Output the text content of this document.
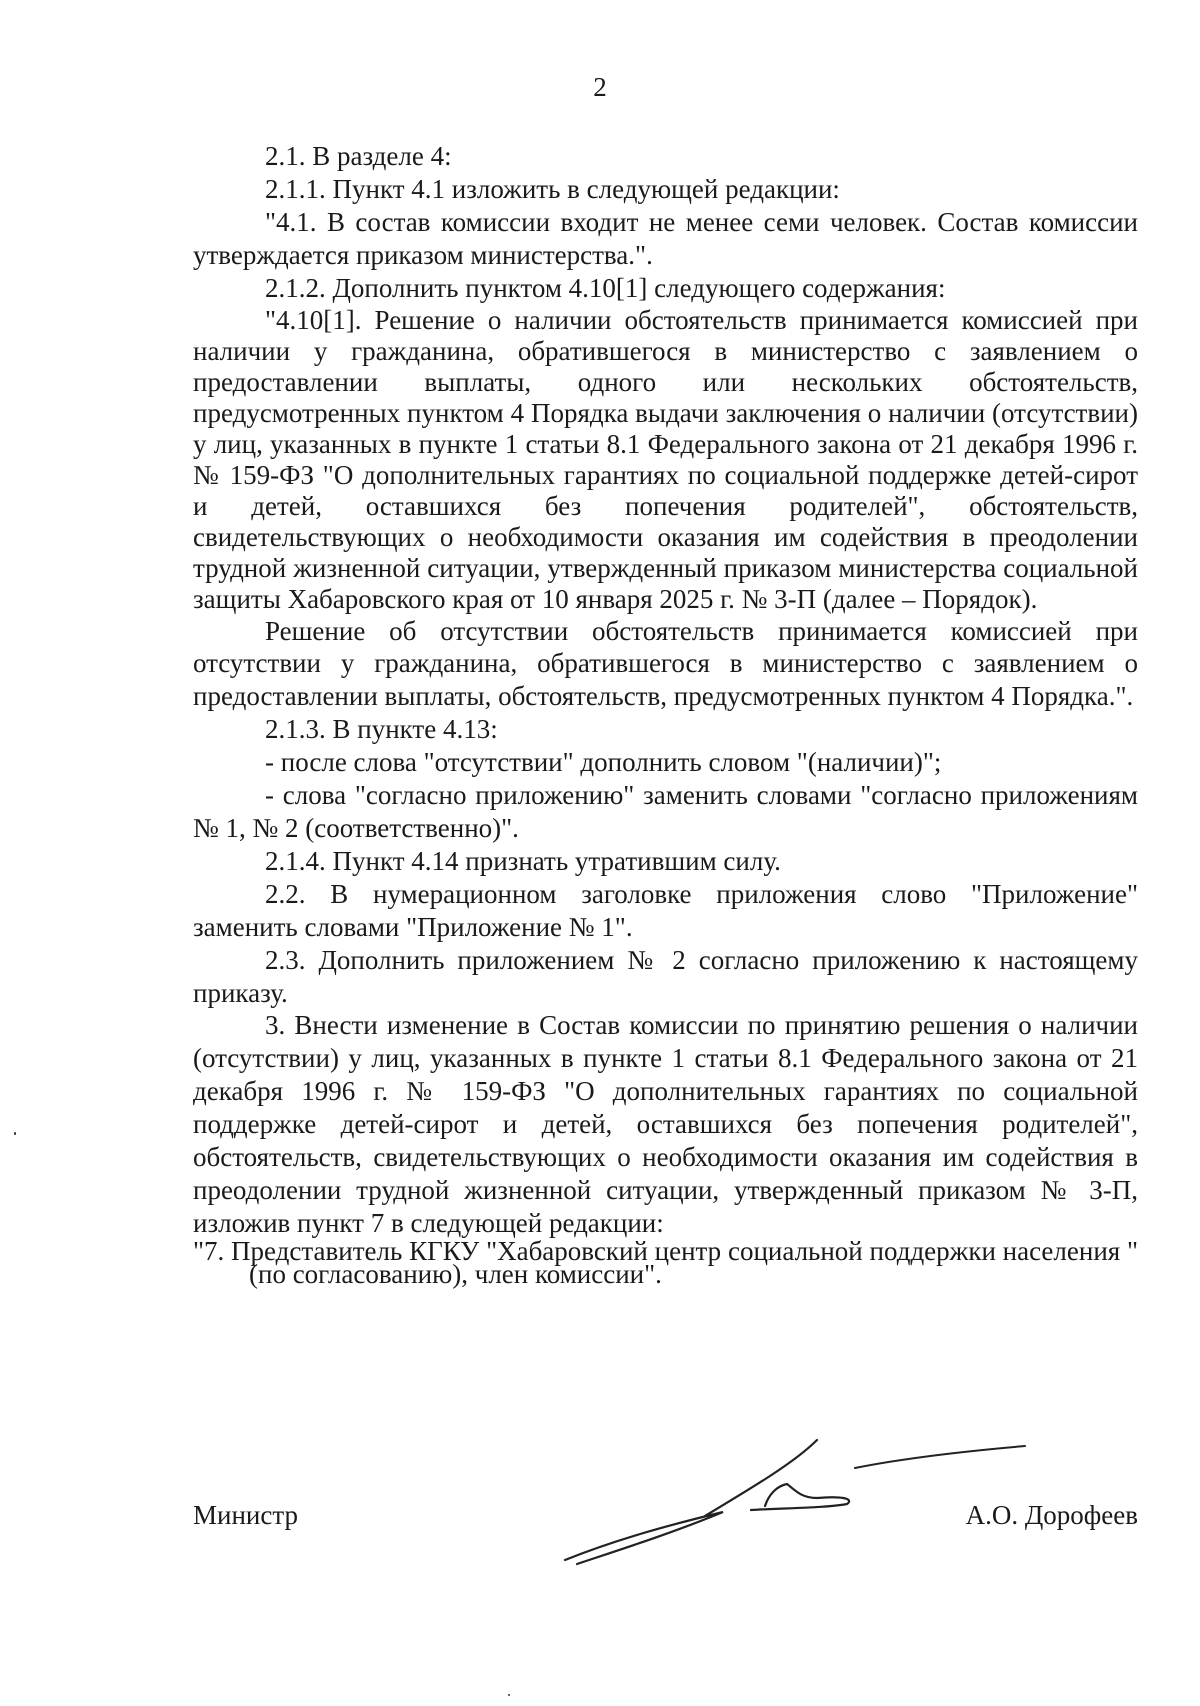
2

2.1. В разделе 4:

2.1.1. Пункт 4.1 изложить в следующей редакции:

"4.1. В состав комиссии входит не менее семи человек. Состав комиссии утверждается приказом министерства.".

2.1.2. Дополнить пунктом 4.10[1] следующего содержания:

"4.10[1]. Решение о наличии обстоятельств принимается комиссией при наличии у гражданина, обратившегося в министерство с заявлением о предоставлении выплаты, одного или нескольких обстоятельств, предусмотренных пунктом 4 Порядка выдачи заключения о наличии (отсутствии) у лиц, указанных в пункте 1 статьи 8.1 Федерального закона от 21 декабря 1996 г. № 159-ФЗ "О дополнительных гарантиях по социальной поддержке детей-сирот и детей, оставшихся без попечения родителей", обстоятельств, свидетельствующих о необходимости оказания им содействия в преодолении трудной жизненной ситуации, утвержденный приказом министерства социальной защиты Хабаровского края от 10 января 2025 г. № 3-П (далее – Порядок).

Решение об отсутствии обстоятельств принимается комиссией при отсутствии у гражданина, обратившегося в министерство с заявлением о предоставлении выплаты, обстоятельств, предусмотренных пунктом 4 Порядка.".

2.1.3. В пункте 4.13:

- после слова "отсутствии" дополнить словом "(наличии)";

- слова "согласно приложению" заменить словами "согласно приложениям № 1, № 2 (соответственно)".

2.1.4. Пункт 4.14 признать утратившим силу.

2.2. В нумерационном заголовке приложения слово "Приложение" заменить словами "Приложение № 1".

2.3. Дополнить приложением № 2 согласно приложению к настоящему приказу.

3. Внести изменение в Состав комиссии по принятию решения о наличии (отсутствии) у лиц, указанных в пункте 1 статьи 8.1 Федерального закона от 21 декабря 1996 г. № 159-ФЗ "О дополнительных гарантиях по социальной поддержке детей-сирот и детей, оставшихся без попечения родителей", обстоятельств, свидетельствующих о необходимости оказания им содействия в преодолении трудной жизненной ситуации, утвержденный приказом № 3-П, изложив пункт 7 в следующей редакции:

"7. Представитель КГКУ "Хабаровский центр социальной поддержки населения " (по согласованию), член комиссии".

Министр	А.О. Дорофеев
